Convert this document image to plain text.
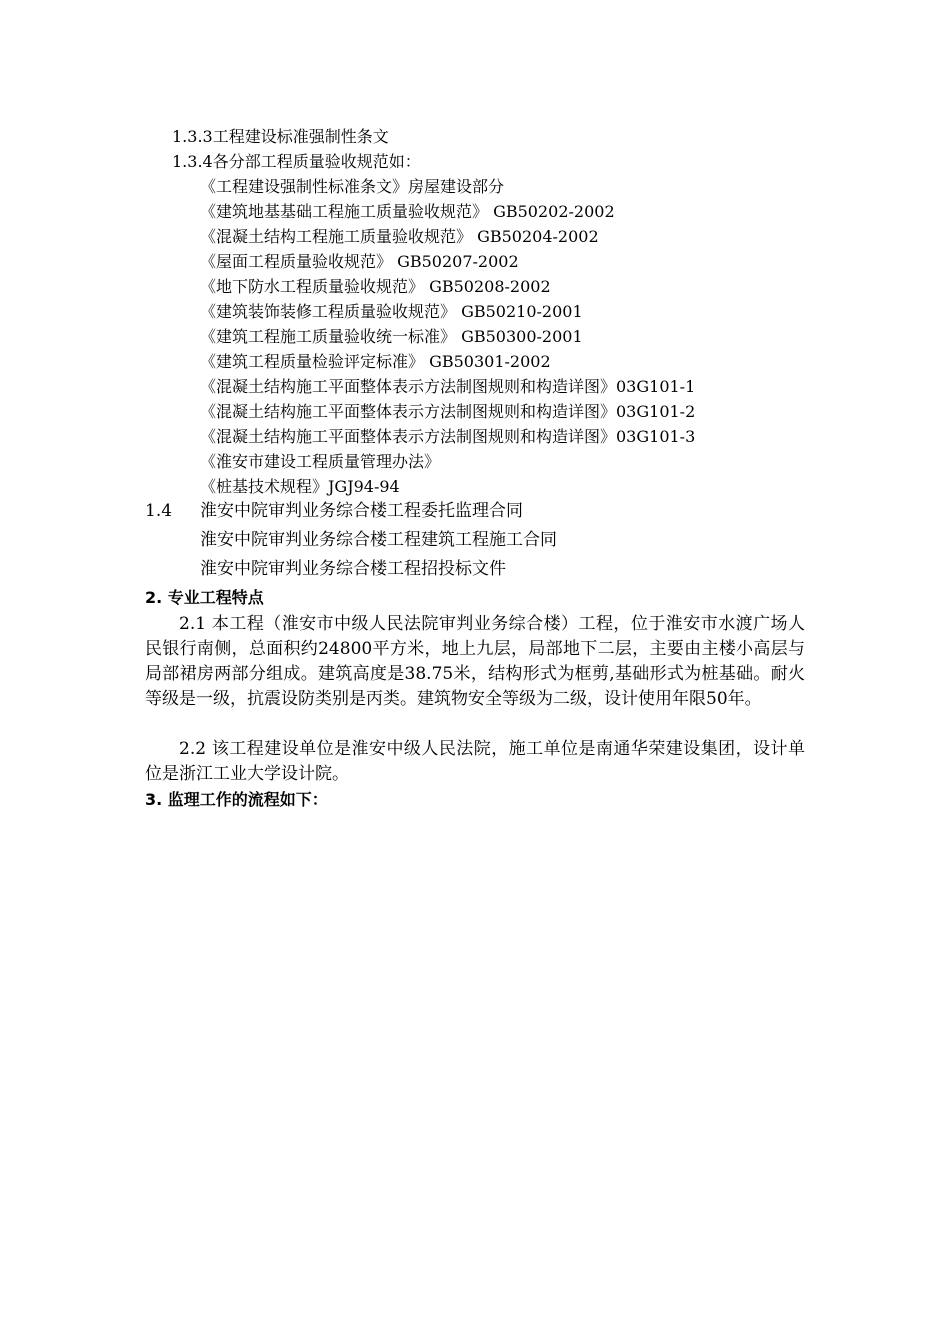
1.3.3工程建设标准强制性条文
1.3.4各分部工程质量验收规范如：
《工程建设强制性标准条文》房屋建设部分
《建筑地基基础工程施工质量验收规范》 GB50202-2002
《混凝土结构工程施工质量验收规范》 GB50204-2002
《屋面工程质量验收规范》 GB50207-2002
《地下防水工程质量验收规范》 GB50208-2002
《建筑装饰装修工程质量验收规范》 GB50210-2001
《建筑工程施工质量验收统一标准》 GB50300-2001
《建筑工程质量检验评定标准》 GB50301-2002
《混凝土结构施工平面整体表示方法制图规则和构造详图》03G101-1
《混凝土结构施工平面整体表示方法制图规则和构造详图》03G101-2
《混凝土结构施工平面整体表示方法制图规则和构造详图》03G101-3
《淮安市建设工程质量管理办法》
《桩基技术规程》JGJ94-94
1.4 淮安中院审判业务综合楼工程委托监理合同
淮安中院审判业务综合楼工程建筑工程施工合同
淮安中院审判业务综合楼工程招投标文件
2. 专业工程特点
2.1 本工程（淮安市中级人民法院审判业务综合楼）工程，位于淮安市水渡广场人民银行南侧，总面积约24800平方米，地上九层，局部地下二层，主要由主楼小高层与局部裙房两部分组成。建筑高度是38.75米，结构形式为框剪,基础形式为桩基础。耐火等级是一级，抗震设防类别是丙类。建筑物安全等级为二级，设计使用年限50年。
2.2 该工程建设单位是淮安中级人民法院，施工单位是南通华荣建设集团，设计单位是浙江工业大学设计院。
3. 监理工作的流程如下：
